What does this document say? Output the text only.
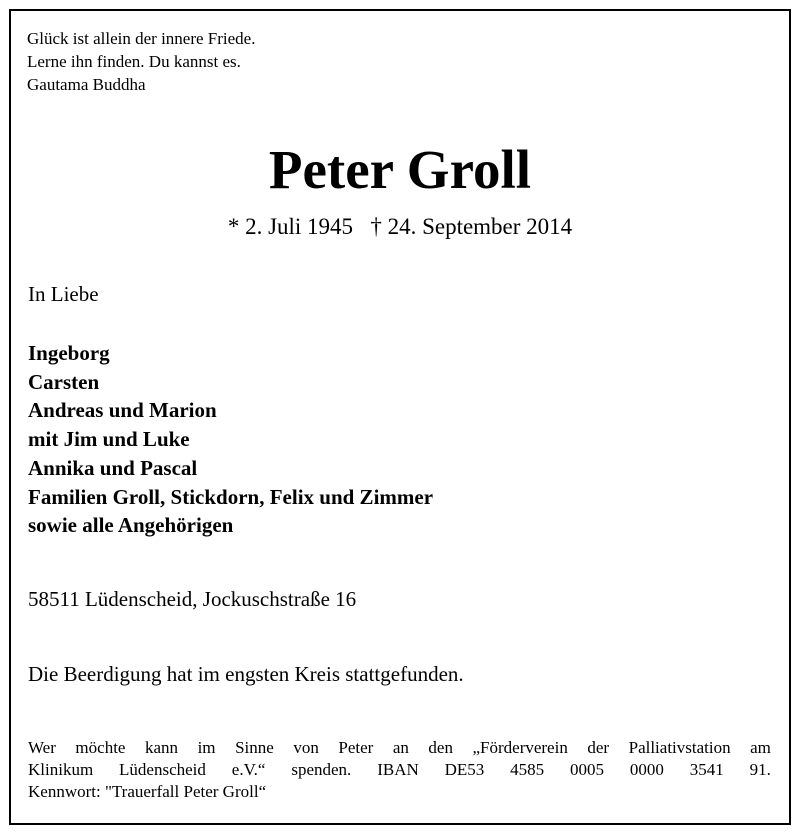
Glück ist allein der innere Friede.
Lerne ihn finden. Du kannst es.
Gautama Buddha
Peter Groll
* 2. Juli 1945 † 24. September 2014
In Liebe
Ingeborg
Carsten
Andreas und Marion
mit Jim und Luke
Annika und Pascal
Familien Groll, Stickdorn, Felix und Zimmer
sowie alle Angehörigen
58511 Lüdenscheid, Jockuschstraße 16
Die Beerdigung hat im engsten Kreis stattgefunden.
Wer möchte kann im Sinne von Peter an den „Förderverein der Palliativstation am
Klinikum Lüdenscheid e.V.“ spenden. IBAN DE53 4585 0005 0000 3541 91.
Kennwort: "Trauerfall Peter Groll“
